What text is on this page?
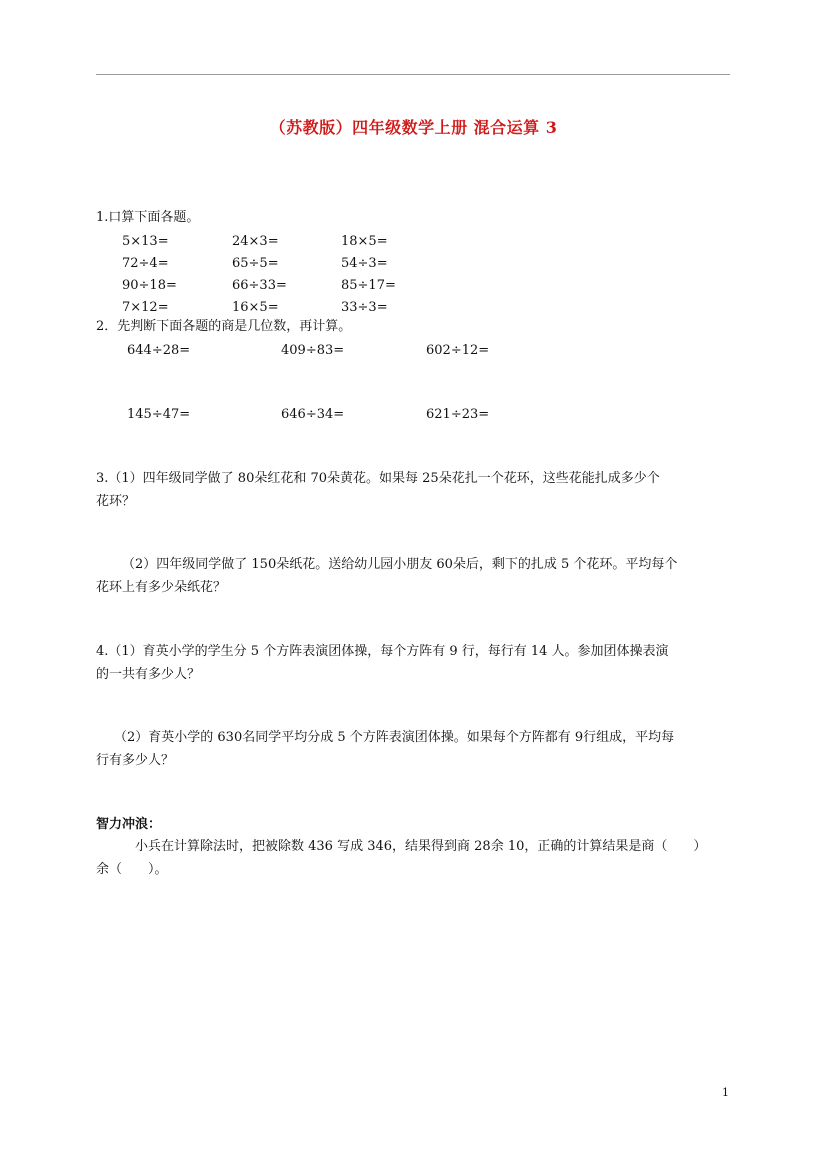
（苏教版）四年级数学上册 混合运算 3
1.口算下面各题。
5×13=	24×3=	18×5=
72÷4=	65÷5=	54÷3=
90÷18=	66÷33=	85÷17=
7×12=	16×5=	33÷3=
2．先判断下面各题的商是几位数，再计算。
644÷28=	409÷83=	602÷12=
145÷47=	646÷34=	621÷23=
3.（1）四年级同学做了 80朵红花和 70朵黄花。如果每 25朵花扎一个花环，这些花能扎成多少个
花环？
（2）四年级同学做了 150朵纸花。送给幼儿园小朋友 60朵后，剩下的扎成 5 个花环。平均每个
花环上有多少朵纸花？
4.（1）育英小学的学生分 5 个方阵表演团体操，每个方阵有 9 行，每行有 14 人。参加团体操表演
的一共有多少人？
（2）育英小学的 630名同学平均分成 5 个方阵表演团体操。如果每个方阵都有 9行组成，平均每
行有多少人？
智力冲浪：
小兵在计算除法时，把被除数 436 写成 346，结果得到商 28余 10，正确的计算结果是商（　　）
余（　　）。
1
